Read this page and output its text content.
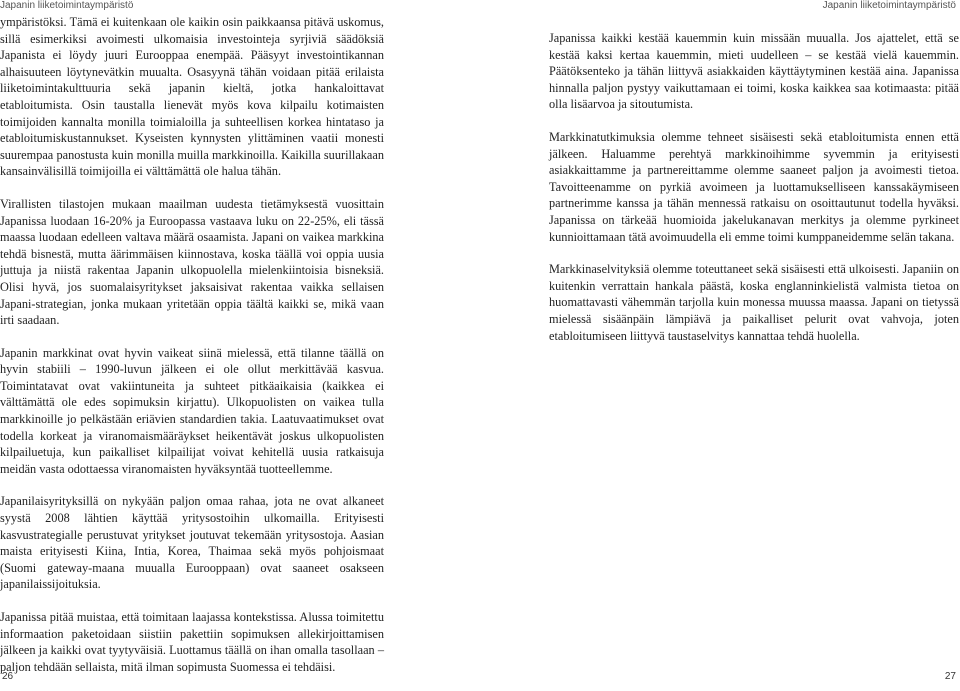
Japanin liiketoimintaympäristö	Japanin liiketoimintaympäristö

ympäristöksi. Tämä ei kuitenkaan ole kaikin osin paikkaansa pitävä uskomus, sillä esimerkiksi avoimesti ulkomaisia investointeja syrjiviä säädöksiä Japanista ei löydy juuri Eurooppaa enempää. Pääsyyt investointikannan alhaisuuteen löytynevätkin muualta. Osasyynä tähän voidaan pitää erilaista liiketoimintakulttuuria sekä japanin kieltä, jotka hankaloittavat etabloitumista. Osin taustalla lienevät myös kova kilpailu kotimaisten toimijoiden kannalta monilla toimialoilla ja suhteellisen korkea hintataso ja etabloitumiskustannukset. Kyseisten kynnysten ylittäminen vaatii monesti suurempaa panostusta kuin monilla muilla markkinoilla. Kaikilla suurillakaan kansainvälisillä toimijoilla ei välttämättä ole halua tähän.

Virallisten tilastojen mukaan maailman uudesta tietämyksestä vuosittain Japanissa luodaan 16-20% ja Euroopassa vastaava luku on 22-25%, eli tässä maassa luodaan edelleen valtava määrä osaamista. Japani on vaikea markkina tehdä bisnestä, mutta äärimmäisen kiinnostava, koska täällä voi oppia uusia juttuja ja niistä rakentaa Japanin ulkopuolella mielenkiintoisia bisneksiä. Olisi hyvä, jos suomalaisyritykset jaksaisivat rakentaa vaikka sellaisen Japani-strategian, jonka mukaan yritetään oppia täältä kaikki se, mikä vaan irti saadaan.

Japanin markkinat ovat hyvin vaikeat siinä mielessä, että tilanne täällä on hyvin stabiili – 1990-luvun jälkeen ei ole ollut merkittävää kasvua. Toimintatavat ovat vakiintuneita ja suhteet pitkäaikaisia (kaikkea ei välttämättä ole edes sopimuksin kirjattu). Ulkopuolisten on vaikea tulla markkinoille jo pelkästään eriävien standardien takia. Laatuvaatimukset ovat todella korkeat ja viranomaismääräykset heikentävät joskus ulkopuolisten kilpailuetuja, kun paikalliset kilpailijat voivat kehitellä uusia ratkaisuja meidän vasta odottaessa viranomaisten hyväksyntää tuotteellemme.

Japanilaisyrityksillä on nykyään paljon omaa rahaa, jota ne ovat alkaneet syystä 2008 lähtien käyttää yritysostoihin ulkomailla. Erityisesti kasvustrategialle perustuvat yritykset joutuvat tekemään yritysostoja. Aasian maista erityisesti Kiina, Intia, Korea, Thaimaa sekä myös pohjoismaat (Suomi gateway-maana muualla Eurooppaan) ovat saaneet osakseen japanilaissijoituksia.

Japanissa pitää muistaa, että toimitaan laajassa kontekstissa. Alussa toimitettu informaation paketoidaan siistiin pakettiin sopimuksen allekirjoittamisen jälkeen ja kaikki ovat tyytyväisiä. Luottamus täällä on ihan omalla tasollaan – paljon tehdään sellaista, mitä ilman sopimusta Suomessa ei tehdäisi.

Japanissa kaikki kestää kauemmin kuin missään muualla. Jos ajattelet, että se kestää kaksi kertaa kauemmin, mieti uudelleen – se kestää vielä kauemmin. Päätöksenteko ja tähän liittyvä asiakkaiden käyttäytyminen kestää aina. Japanissa hinnalla paljon pystyy vaikuttamaan ei toimi, koska kaikkea saa kotimaasta: pitää olla lisäarvoa ja sitoutumista.

Markkinatutkimuksia olemme tehneet sisäisesti sekä etabloitumista ennen että jälkeen. Haluamme perehtyä markkinoihimme syvemmin ja erityisesti asiakkaittamme ja partnereittamme olemme saaneet paljon ja avoimesti tietoa. Tavoitteenamme on pyrkiä avoimeen ja luottamukselliseen kanssakäymiseen partnerimme kanssa ja tähän mennessä ratkaisu on osoittautunut todella hyväksi. Japanissa on tärkeää huomioida jakelukanavan merkitys ja olemme pyrkineet kunnioittamaan tätä avoimuudella eli emme toimi kumppaneidemme selän takana.

Markkinaselvityksiä olemme toteuttaneet sekä sisäisesti että ulkoisesti. Japaniin on kuitenkin verrattain hankala päästä, koska englanninkielistä valmista tietoa on huomattavasti vähemmän tarjolla kuin monessa muussa maassa. Japani on tietyssä mielessä sisäänpäin lämpiävä ja paikalliset pelurit ovat vahvoja, joten etabloitumiseen liittyvä taustaselvitys kannattaa tehdä huolella.

26	27
